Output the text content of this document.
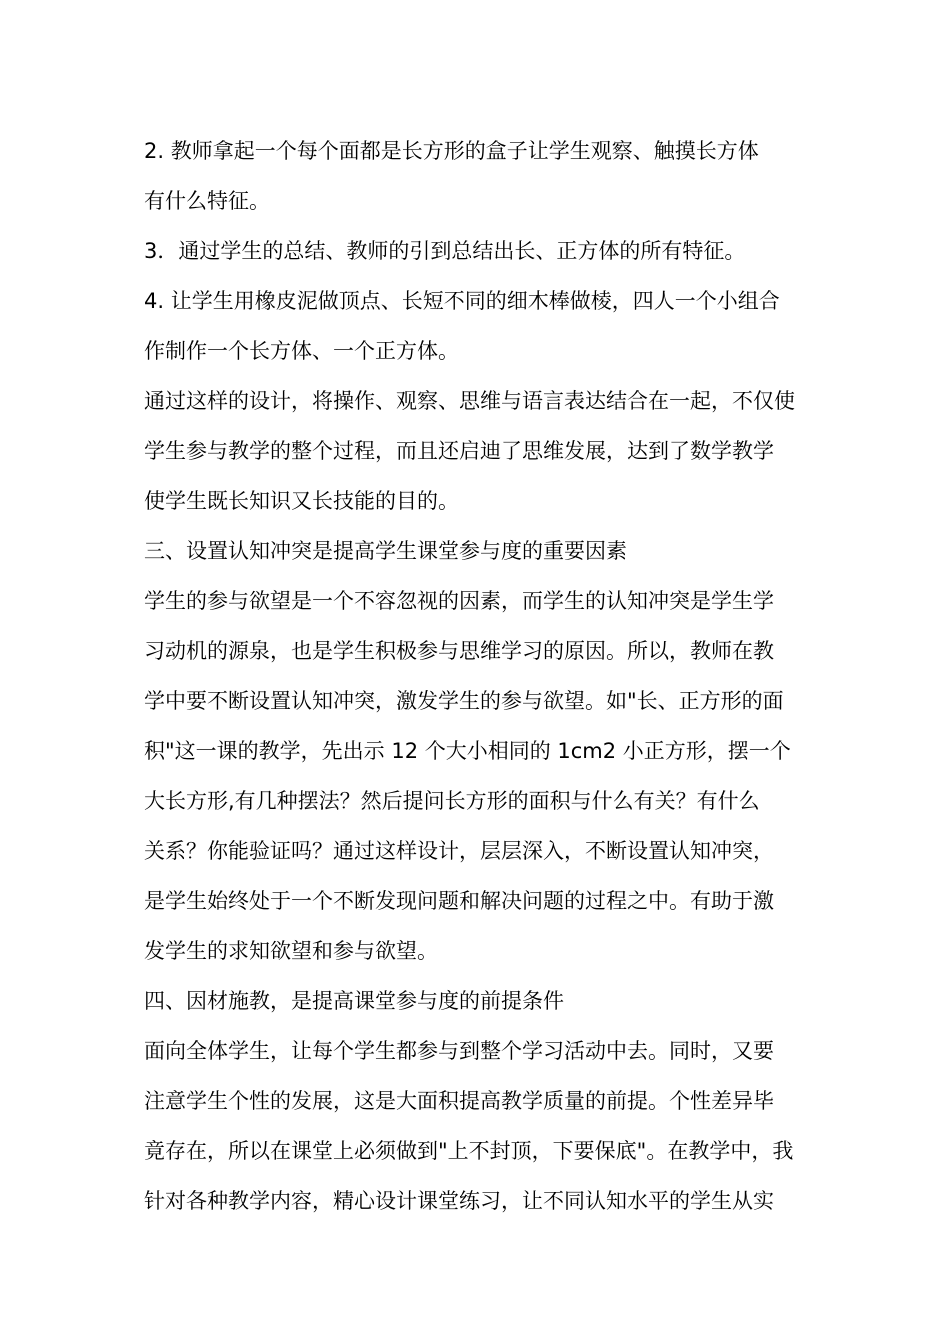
2. 教师拿起一个每个面都是长方形的盒子让学生观察、触摸长方体
有什么特征。
3．通过学生的总结、教师的引到总结出长、正方体的所有特征。
4. 让学生用橡皮泥做顶点、长短不同的细木棒做棱，四人一个小组合
作制作一个长方体、一个正方体。
通过这样的设计，将操作、观察、思维与语言表达结合在一起，不仅使
学生参与教学的整个过程，而且还启迪了思维发展，达到了数学教学
使学生既长知识又长技能的目的。
三、设置认知冲突是提高学生课堂参与度的重要因素
学生的参与欲望是一个不容忽视的因素，而学生的认知冲突是学生学
习动机的源泉，也是学生积极参与思维学习的原因。所以，教师在教
学中要不断设置认知冲突，激发学生的参与欲望。如"长、正方形的面
积"这一课的教学，先出示 12 个大小相同的 1cm2 小正方形，摆一个
大长方形,有几种摆法？然后提问长方形的面积与什么有关？有什么
关系？你能验证吗？通过这样设计，层层深入，不断设置认知冲突，
是学生始终处于一个不断发现问题和解决问题的过程之中。有助于激
发学生的求知欲望和参与欲望。
四、因材施教，是提高课堂参与度的前提条件
面向全体学生，让每个学生都参与到整个学习活动中去。同时，又要
注意学生个性的发展，这是大面积提高教学质量的前提。个性差异毕
竟存在，所以在课堂上必须做到"上不封顶，下要保底"。在教学中，我
针对各种教学内容，精心设计课堂练习，让不同认知水平的学生从实
